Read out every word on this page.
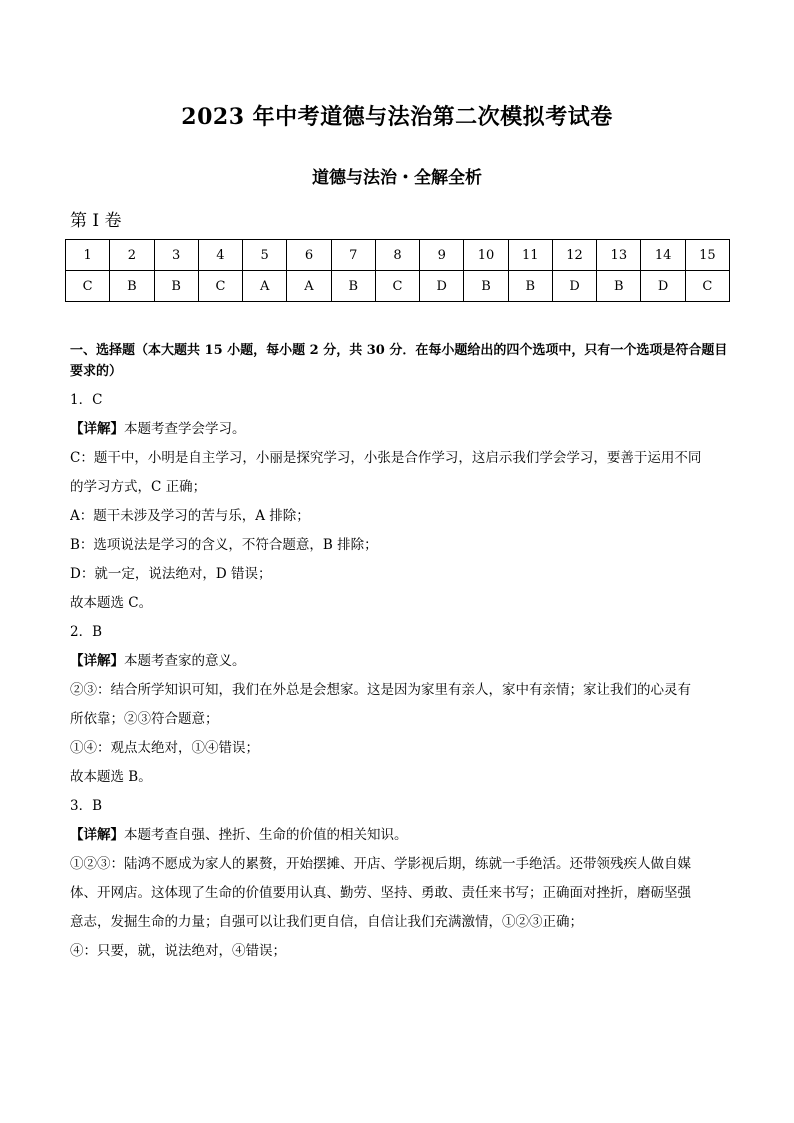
2023 年中考道德与法治第二次模拟考试卷
道德与法治・全解全析
第 I 卷
1	2	3	4	5	6	7	8	9	10	11	12	13	14	15
C	B	B	C	A	A	B	C	D	B	B	D	B	D	C
一、选择题（本大题共 15 小题，每小题 2 分，共 30 分．在每小题给出的四个选项中，只有一个选项是符合题目要求的）
1．C
【详解】本题考查学会学习。
C：题干中，小明是自主学习，小丽是探究学习，小张是合作学习，这启示我们学会学习，要善于运用不同
的学习方式，C 正确；
A：题干未涉及学习的苦与乐，A 排除；
B：选项说法是学习的含义，不符合题意，B 排除；
D：就一定，说法绝对，D 错误；
故本题选 C。
2．B
【详解】本题考查家的意义。
②③：结合所学知识可知，我们在外总是会想家。这是因为家里有亲人，家中有亲情；家让我们的心灵有
所依靠；②③符合题意；
①④：观点太绝对，①④错误；
故本题选 B。
3．B
【详解】本题考查自强、挫折、生命的价值的相关知识。
①②③：陆鸿不愿成为家人的累赘，开始摆摊、开店、学影视后期，练就一手绝活。还带领残疾人做自媒
体、开网店。这体现了生命的价值要用认真、勤劳、坚持、勇敢、责任来书写；正确面对挫折，磨砺坚强
意志，发掘生命的力量；自强可以让我们更自信，自信让我们充满激情，①②③正确；
④：只要，就，说法绝对，④错误；
